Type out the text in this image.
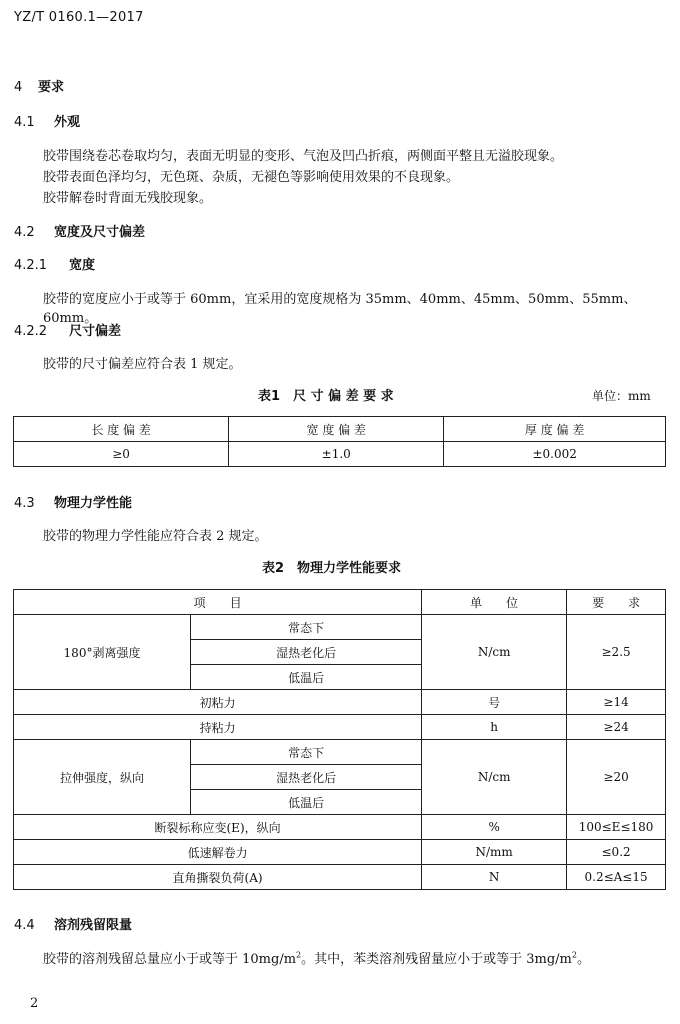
YZ/T 0160.1—2017
4 要求
4.1 外观
胶带围绕卷芯卷取均匀，表面无明显的变形、气泡及凹凸折痕，两侧面平整且无溢胶现象。
胶带表面色泽均匀，无色斑、杂质，无褪色等影响使用效果的不良现象。
胶带解卷时背面无残胶现象。
4.2 宽度及尺寸偏差
4.2.1 宽度
胶带的宽度应小于或等于 60mm，宜采用的宽度规格为 35mm、40mm、45mm、50mm、55mm、60mm。
4.2.2 尺寸偏差
胶带的尺寸偏差应符合表 1 规定。
表1　尺 寸 偏 差 要 求	单位：mm
长 度 偏 差	宽 度 偏 差	厚 度 偏 差
≥0	±1.0	±0.002
4.3 物理力学性能
胶带的物理力学性能应符合表 2 规定。
表2　物理力学性能要求
项　　目		单　　位	要　　求
180°剥离强度	常态下	N/cm	≥2.5
	湿热老化后		
	低温后		
初粘力		号	≥14
持粘力		h	≥24
拉伸强度，纵向	常态下	N/cm	≥20
	湿热老化后		
	低温后		
断裂标称应变(E)，纵向		%	100≤E≤180
低速解卷力		N/mm	≤0.2
直角撕裂负荷(A)		N	0.2≤A≤15
4.4 溶剂残留限量
胶带的溶剂残留总量应小于或等于 $10mg/m^2$。其中，苯类溶剂残留量应小于或等于 $3mg/m^2$。
2
